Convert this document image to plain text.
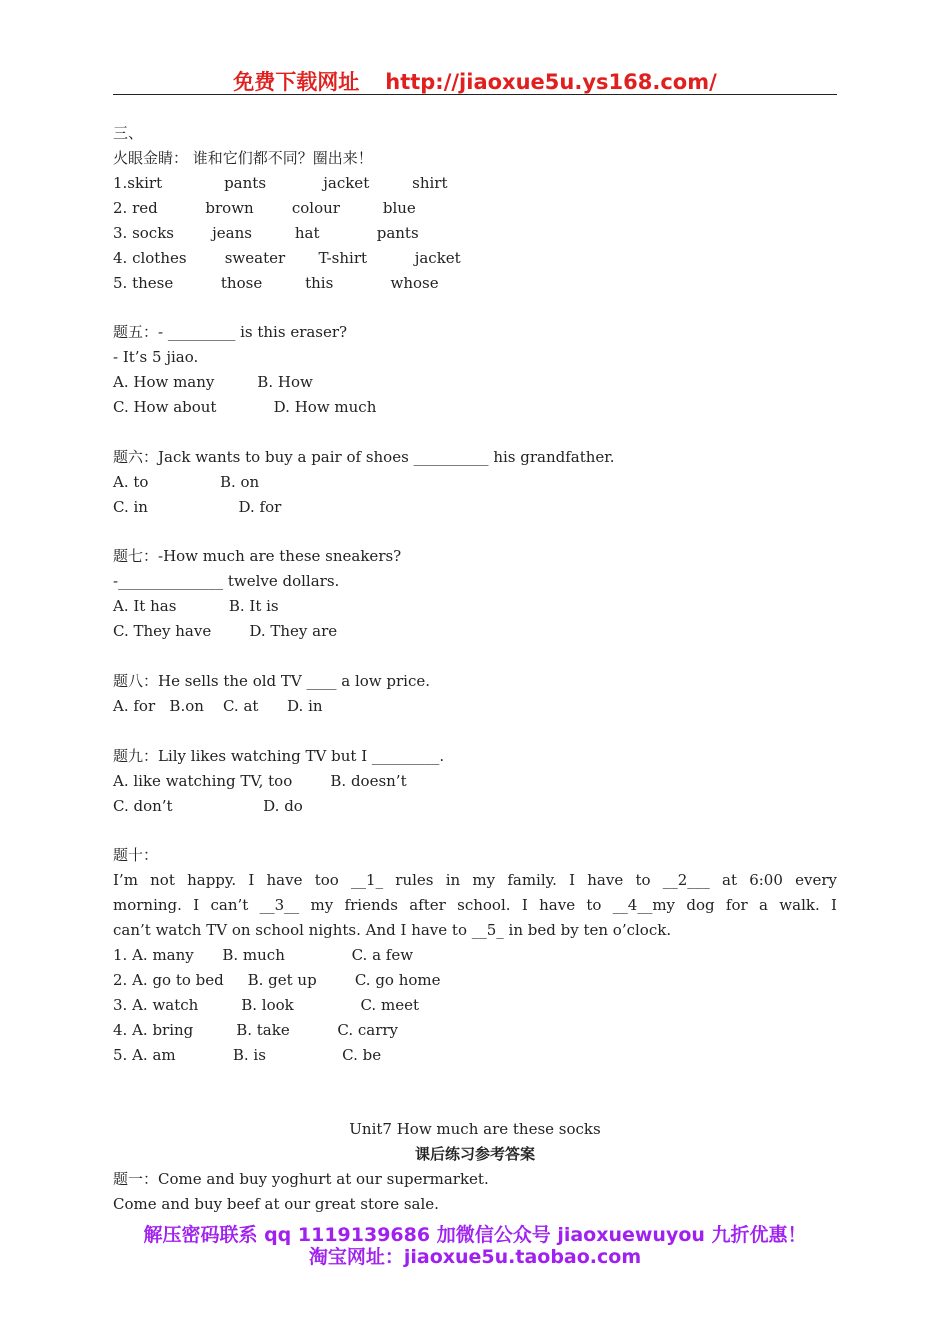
免费下载网址 http://jiaoxue5u.ys168.com/
三、
火眼金睛： 谁和它们都不同？圈出来！
1.skirt             pants            jacket         shirt
2. red          brown        colour         blue
3. socks        jeans         hat            pants
4. clothes        sweater       T-shirt          jacket
5. these          those         this            whose
题五：- _________ is this eraser?
- It’s 5 jiao.
A. How many         B. How
C. How about            D. How much
题六：Jack wants to buy a pair of shoes __________ his grandfather.
A. to               B. on
C. in                   D. for
题七：-How much are these sneakers?
-______________ twelve dollars.
A. It has           B. It is
C. They have        D. They are
题八：He sells the old TV ____ a low price.
A. for   B.on    C. at      D. in
题九：Lily likes watching TV but I _________.
A. like watching TV, too        B. doesn’t
C. don’t                   D. do
题十：
I’m not happy. I have too __1_ rules in my family. I have to __2___ at 6:00 every
morning. I can’t __3__ my friends after school. I have to __4__my dog for a walk. I
can’t watch TV on school nights. And I have to __5_ in bed by ten o’clock.
1. A. many      B. much              C. a few
2. A. go to bed     B. get up        C. go home
3. A. watch         B. look              C. meet
4. A. bring         B. take          C. carry
5. A. am            B. is                C. be
Unit7 How much are these socks
课后练习参考答案
题一：Come and buy yoghurt at our supermarket.
Come and buy beef at our great store sale.
解压密码联系 qq 1119139686 加微信公众号 jiaoxuewuyou 九折优惠！
淘宝网址：jiaoxue5u.taobao.com
